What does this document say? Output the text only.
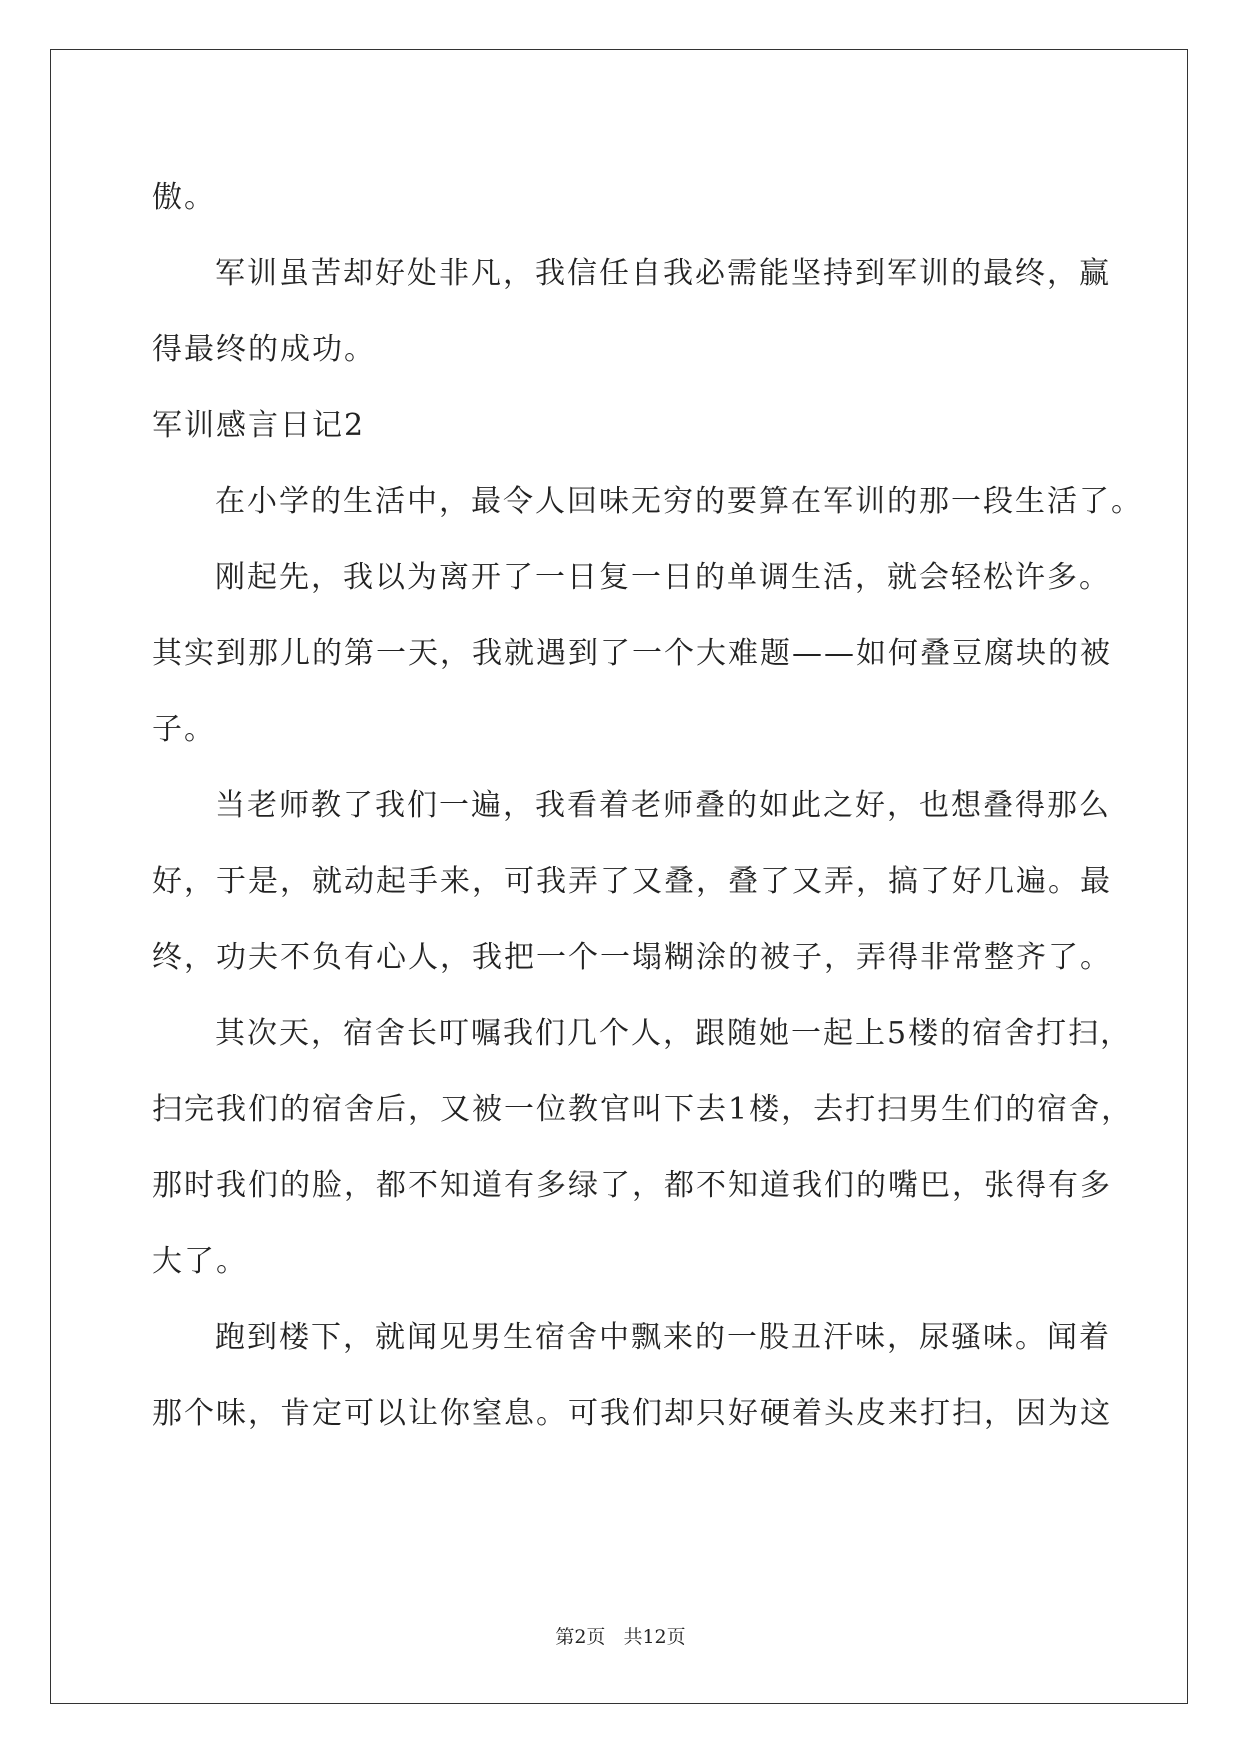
傲。
军训虽苦却好处非凡，我信任自我必需能坚持到军训的最终，赢
得最终的成功。
军训感言日记2
在小学的生活中，最令人回味无穷的要算在军训的那一段生活了。
刚起先，我以为离开了一日复一日的单调生活，就会轻松许多。
其实到那儿的第一天，我就遇到了一个大难题——如何叠豆腐块的被
子。
当老师教了我们一遍，我看着老师叠的如此之好，也想叠得那么
好，于是，就动起手来，可我弄了又叠，叠了又弄，搞了好几遍。最
终，功夫不负有心人，我把一个一塌糊涂的被子，弄得非常整齐了。
其次天，宿舍长叮嘱我们几个人，跟随她一起上5楼的宿舍打扫，
扫完我们的宿舍后，又被一位教官叫下去1楼，去打扫男生们的宿舍，
那时我们的脸，都不知道有多绿了，都不知道我们的嘴巴，张得有多
大了。
跑到楼下，就闻见男生宿舍中飘来的一股丑汗味，尿骚味。闻着
那个味，肯定可以让你窒息。可我们却只好硬着头皮来打扫，因为这
第2页 共12页
